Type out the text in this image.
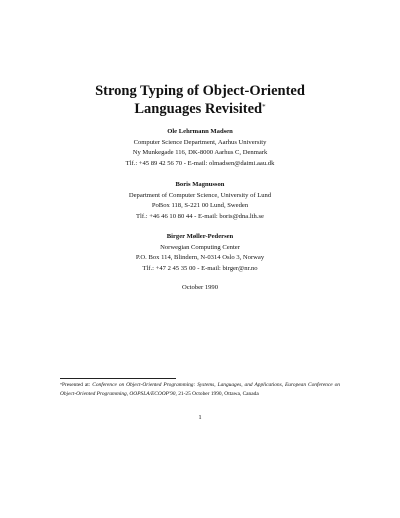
Strong Typing of Object-Oriented
Languages Revisited*
Ole Lehrmann Madsen
Computer Science Department, Aarhus University
Ny Munkegade 116, DK-8000 Aarhus C, Denmark
Tlf.: +45 89 42 56 70 - E-mail: olmadsen@daimi.aau.dk
Boris Magnusson
Department of Computer Science, University of Lund
PoBox 118, S-221 00 Lund, Sweden
Tlf.: +46 46 10 80 44 - E-mail: boris@dna.lth.se
Birger Møller-Pedersen
Norwegian Computing Center
P.O. Box 114, Blindern, N-0314 Oslo 3, Norway
Tlf.: +47 2 45 35 00 - E-mail: birger@nr.no
October 1990
*Presented at: Conference on Object-Oriented Programming: Systems, Languages, and Applications, European Conference on Object-Oriented Programming, OOPSLA/ECOOP'90, 21-25 October 1990, Ottawa, Canada
1
